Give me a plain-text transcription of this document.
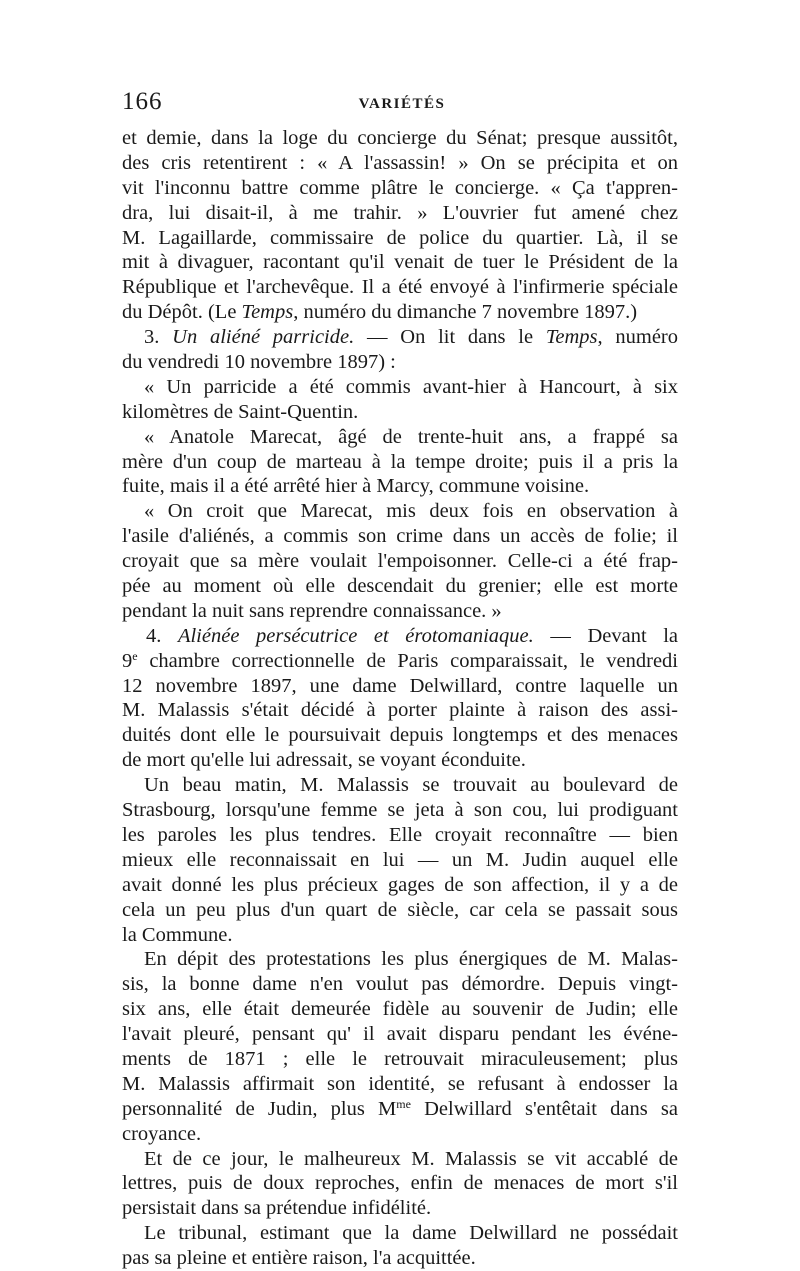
166	VARIÉTÉS
et demie, dans la loge du concierge du Sénat; presque aussitôt,
des cris retentirent : « A l'assassin! » On se précipita et on
vit l'inconnu battre comme plâtre le concierge. « Ça t'appren-
dra, lui disait-il, à me trahir. » L'ouvrier fut amené chez
M. Lagaillarde, commissaire de police du quartier. Là, il se
mit à divaguer, racontant qu'il venait de tuer le Président de la
République et l'archevêque. Il a été envoyé à l'infirmerie spéciale
du Dépôt. (Le Temps, numéro du dimanche 7 novembre 1897.)
3. Un aliéné parricide. — On lit dans le Temps, numéro
du vendredi 10 novembre 1897) :
« Un parricide a été commis avant-hier à Hancourt, à six
kilomètres de Saint-Quentin.
« Anatole Marecat, âgé de trente-huit ans, a frappé sa
mère d'un coup de marteau à la tempe droite; puis il a pris la
fuite, mais il a été arrêté hier à Marcy, commune voisine.
« On croit que Marecat, mis deux fois en observation à
l'asile d'aliénés, a commis son crime dans un accès de folie; il
croyait que sa mère voulait l'empoisonner. Celle-ci a été frap-
pée au moment où elle descendait du grenier; elle est morte
pendant la nuit sans reprendre connaissance. »
4. Aliénée persécutrice et érotomaniaque. — Devant la
9e chambre correctionnelle de Paris comparaissait, le vendredi
12 novembre 1897, une dame Delwillard, contre laquelle un
M. Malassis s'était décidé à porter plainte à raison des assi-
duités dont elle le poursuivait depuis longtemps et des menaces
de mort qu'elle lui adressait, se voyant éconduite.
Un beau matin, M. Malassis se trouvait au boulevard de
Strasbourg, lorsqu'une femme se jeta à son cou, lui prodiguant
les paroles les plus tendres. Elle croyait reconnaître — bien
mieux elle reconnaissait en lui — un M. Judin auquel elle
avait donné les plus précieux gages de son affection, il y a de
cela un peu plus d'un quart de siècle, car cela se passait sous
la Commune.
En dépit des protestations les plus énergiques de M. Malas-
sis, la bonne dame n'en voulut pas démordre. Depuis vingt-
six ans, elle était demeurée fidèle au souvenir de Judin; elle
l'avait pleuré, pensant qu' il avait disparu pendant les événe-
ments de 1871 ; elle le retrouvait miraculeusement; plus
M. Malassis affirmait son identité, se refusant à endosser la
personnalité de Judin, plus $M^{me}$ Delwillard s'entêtait dans sa
croyance.
Et de ce jour, le malheureux M. Malassis se vit accablé de
lettres, puis de doux reproches, enfin de menaces de mort s'il
persistait dans sa prétendue infidélité.
Le tribunal, estimant que la dame Delwillard ne possédait
pas sa pleine et entière raison, l'a acquittée.
